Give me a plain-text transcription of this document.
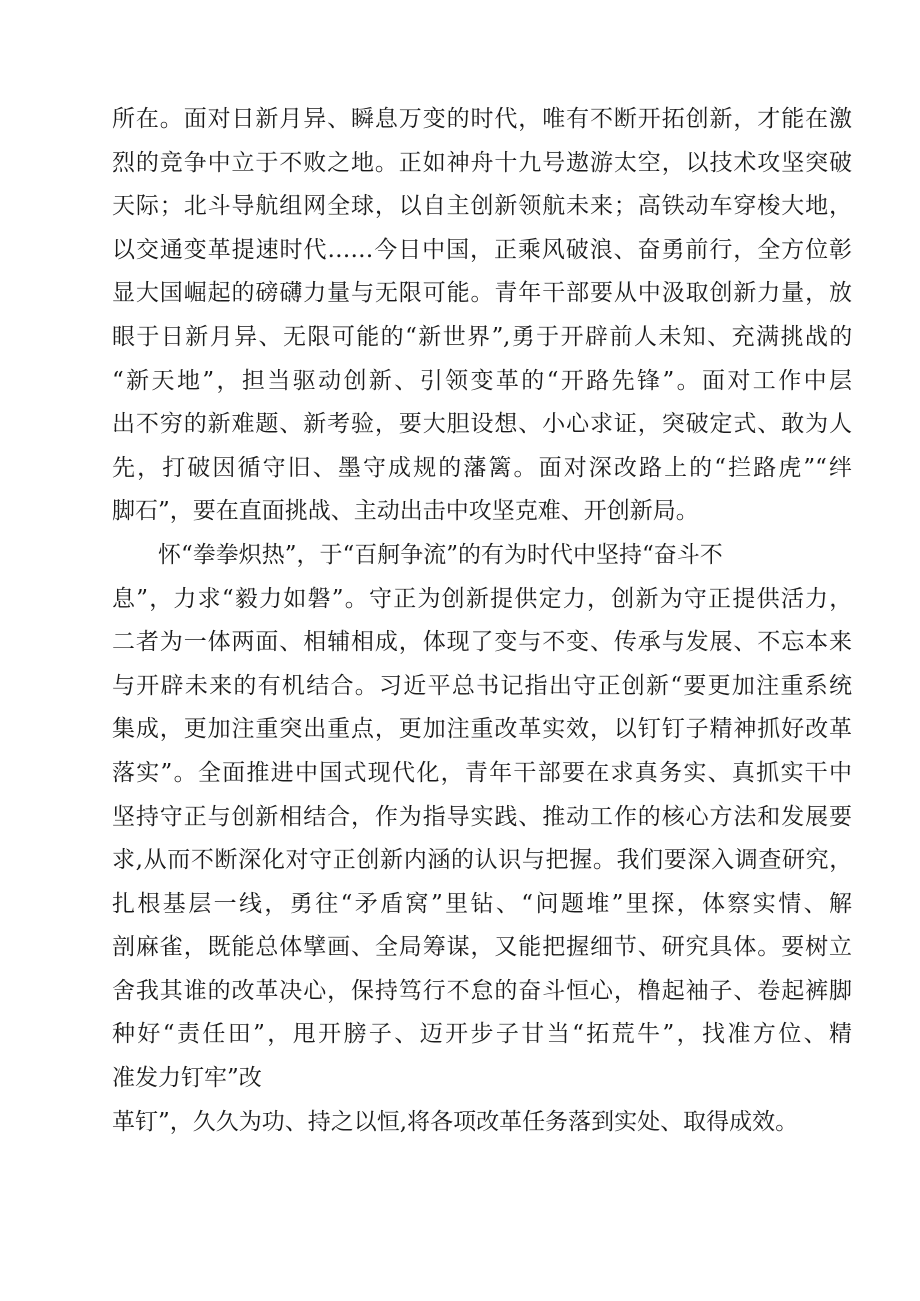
所在。面对日新月异、瞬息万变的时代，唯有不断开拓创新，才能在激
烈的竞争中立于不败之地。正如神舟十九号遨游太空，以技术攻坚突破
天际；北斗导航组网全球，以自主创新领航未来；高铁动车穿梭大地，
以交通变革提速时代……今日中国，正乘风破浪、奋勇前行，全方位彰
显大国崛起的磅礴力量与无限可能。青年干部要从中汲取创新力量，放
眼于日新月异、无限可能的“新世界”,勇于开辟前人未知、充满挑战的
“新天地”，担当驱动创新、引领变革的“开路先锋”。面对工作中层
出不穷的新难题、新考验，要大胆设想、小心求证，突破定式、敢为人
先，打破因循守旧、墨守成规的藩篱。面对深改路上的“拦路虎”“绊
脚石”，要在直面挑战、主动出击中攻坚克难、开创新局。
怀“拳拳炽热”，于“百舸争流”的有为时代中坚持“奋斗不
息”，力求“毅力如磐”。守正为创新提供定力，创新为守正提供活力，
二者为一体两面、相辅相成，体现了变与不变、传承与发展、不忘本来
与开辟未来的有机结合。习近平总书记指出守正创新“要更加注重系统
集成，更加注重突出重点，更加注重改革实效，以钉钉子精神抓好改革
落实”。全面推进中国式现代化，青年干部要在求真务实、真抓实干中
坚持守正与创新相结合，作为指导实践、推动工作的核心方法和发展要
求,从而不断深化对守正创新内涵的认识与把握。我们要深入调查研究，
扎根基层一线，勇往“矛盾窝”里钻、“问题堆”里探，体察实情、解
剖麻雀，既能总体擘画、全局筹谋，又能把握细节、研究具体。要树立
舍我其谁的改革决心，保持笃行不怠的奋斗恒心，橹起袖子、卷起裤脚
种好“责任田”，甩开膀子、迈开步子甘当“拓荒牛”，找准方位、精
准发力钉牢”改
革钉”，久久为功、持之以恒,将各项改革任务落到实处、取得成效。
